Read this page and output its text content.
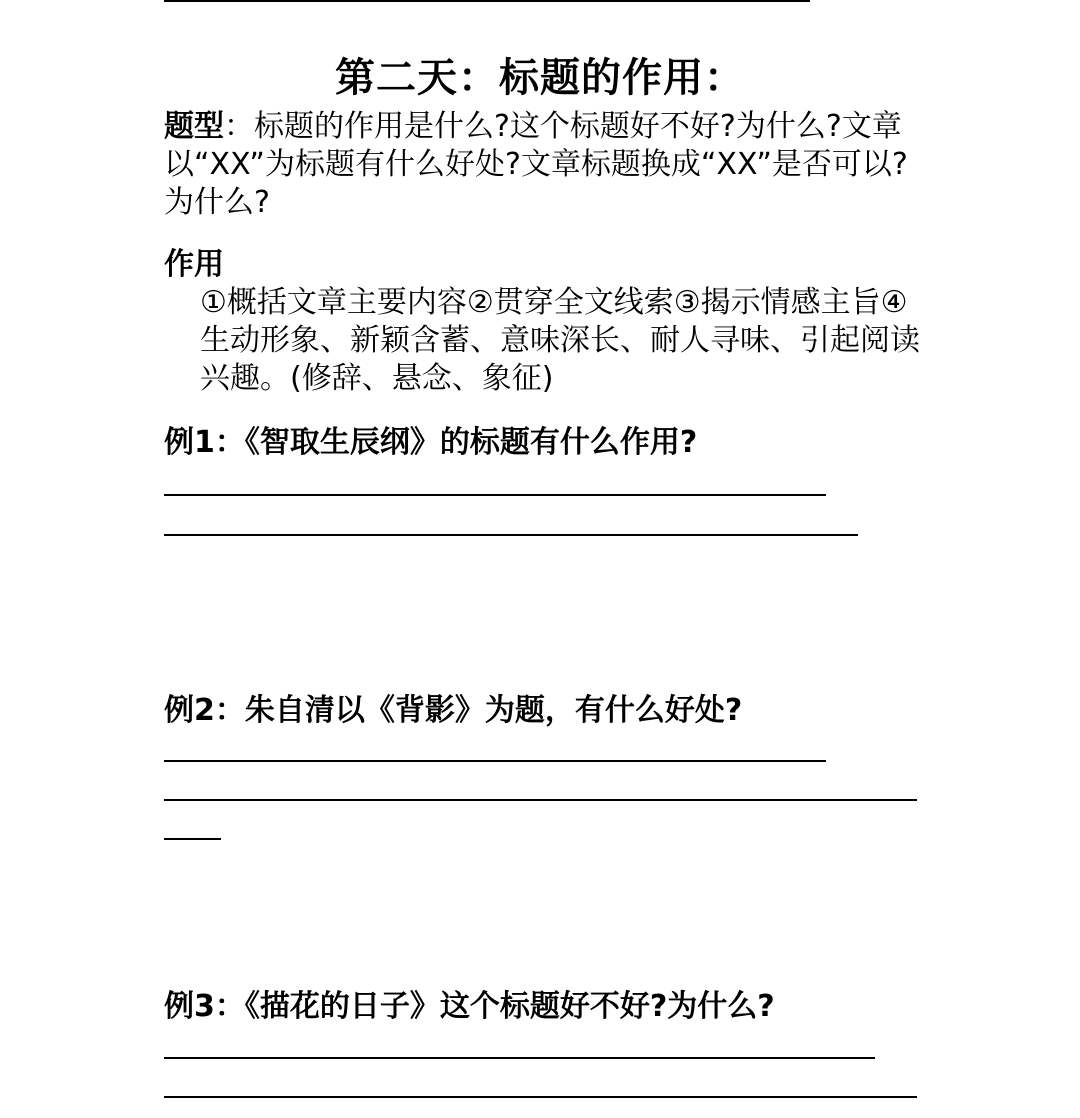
第二天：标题的作用：
题型：标题的作用是什么?这个标题好不好?为什么?文章以“XX”为标题有什么好处?文章标题换成“XX”是否可以?为什么?
作用
①概括文章主要内容②贯穿全文线索③揭示情感主旨④生动形象、新颖含蓄、意味深长、耐人寻味、引起阅读兴趣。(修辞、悬念、象征)
例1：《智取生辰纲》的标题有什么作用?
例2：朱自清以《背影》为题，有什么好处?
例3：《描花的日子》这个标题好不好?为什么?
